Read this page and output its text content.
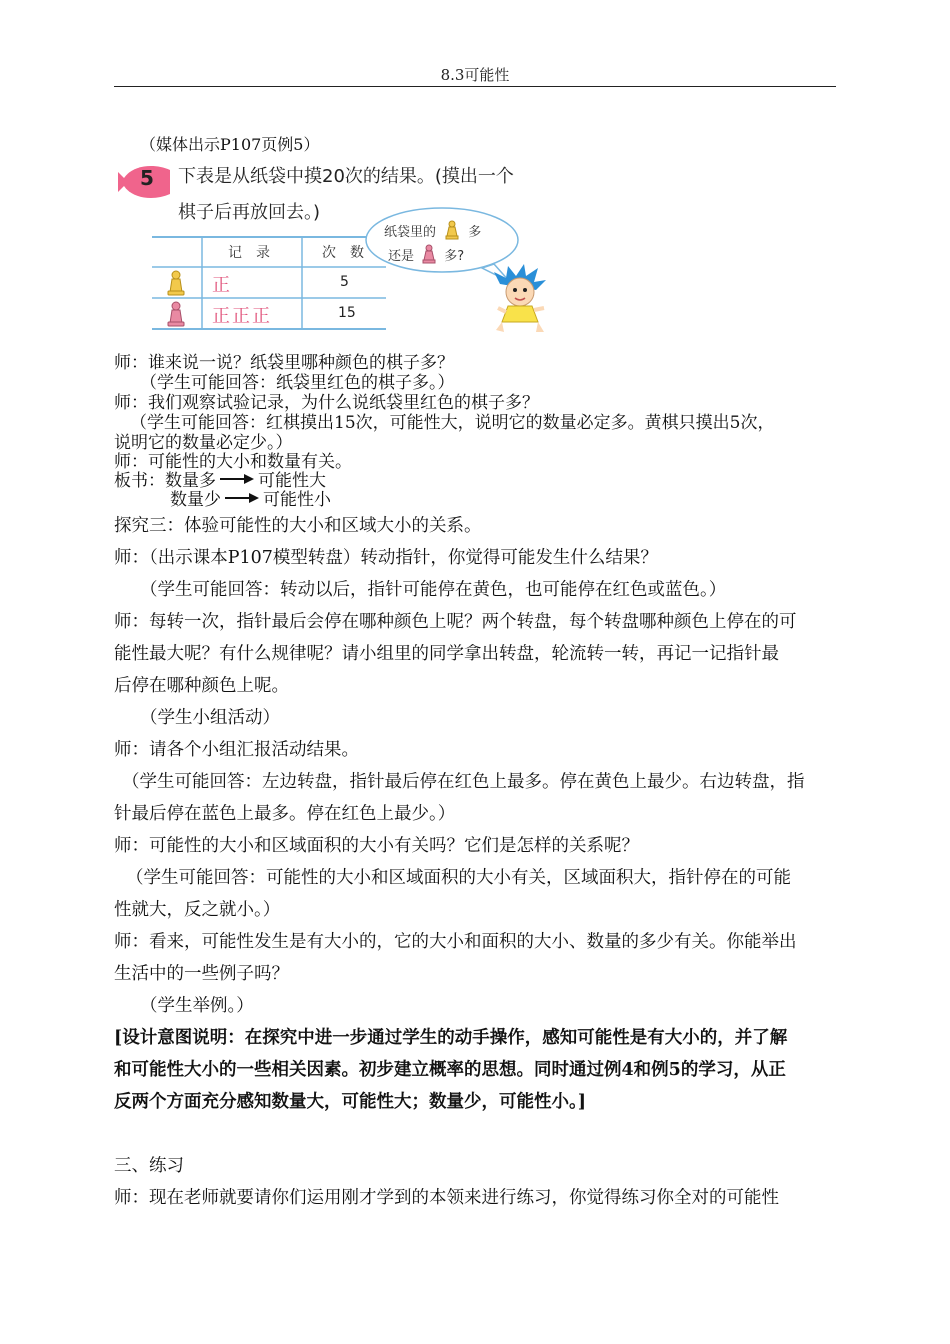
8.3可能性
（媒体出示P107页例5）
5 下表是从纸袋中摸20次的结果。(摸出一个
棋子后再放回去。)
记　录	次　数
正	5
正正正	15
纸袋里的 多
还是 多?
师：谁来说一说？纸袋里哪种颜色的棋子多？
（学生可能回答：纸袋里红色的棋子多。）
师：我们观察试验记录，为什么说纸袋里红色的棋子多？
（学生可能回答：红棋摸出15次，可能性大，说明它的数量必定多。黄棋只摸出5次，
说明它的数量必定少。）
师：可能性的大小和数量有关。
板书： 数量多 可能性大
数量少 可能性小
探究三：体验可能性的大小和区域大小的关系。
师：（出示课本P107模型转盘）转动指针，你觉得可能发生什么结果？
（学生可能回答：转动以后，指针可能停在黄色，也可能停在红色或蓝色。）
师：每转一次，指针最后会停在哪种颜色上呢？两个转盘，每个转盘哪种颜色上停在的可
能性最大呢？有什么规律呢？请小组里的同学拿出转盘，轮流转一转，再记一记指针最
后停在哪种颜色上呢。
（学生小组活动）
师：请各个小组汇报活动结果。
（学生可能回答：左边转盘，指针最后停在红色上最多。停在黄色上最少。右边转盘，指
针最后停在蓝色上最多。停在红色上最少。）
师：可能性的大小和区域面积的大小有关吗？它们是怎样的关系呢？
（学生可能回答：可能性的大小和区域面积的大小有关，区域面积大，指针停在的可能
性就大，反之就小。）
师：看来，可能性发生是有大小的，它的大小和面积的大小、数量的多少有关。你能举出
生活中的一些例子吗？
（学生举例。）
[设计意图说明：在探究中进一步通过学生的动手操作，感知可能性是有大小的，并了解
和可能性大小的一些相关因素。初步建立概率的思想。同时通过例4和例5的学习，从正
反两个方面充分感知数量大，可能性大；数量少，可能性小。]
三、练习
师：现在老师就要请你们运用刚才学到的本领来进行练习，你觉得练习你全对的可能性
